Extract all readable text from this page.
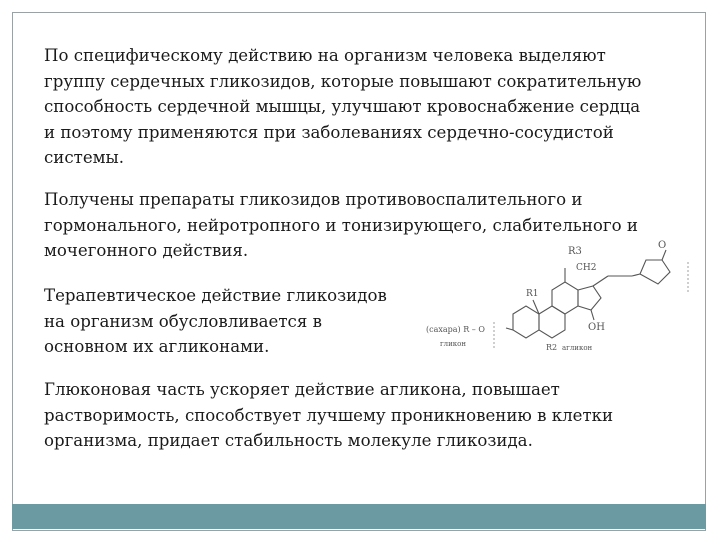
По специфическому действию на организм человека выделяют
группу сердечных гликозидов, которые повышают сократительную
способность сердечной мышцы, улучшают кровоснабжение сердца
и поэтому применяются при заболеваниях сердечно-сосудистой
системы.

Получены препараты гликозидов противовоспалительного и
гормонального, нейротропного и тонизирующего, слабительного и
мочегонного действия.

Терапевтическое действие гликозидов
на организм обусловливается в
основном их агликонами.

Глюконовая часть ускоряет действие агликона, повышает
растворимость, способствует лучшему проникновению в клетки
организма, придает стабильность молекуле гликозида.

R3
CH2
R1
O
OH
(сахара) R – O
гликон	R2 агликон
